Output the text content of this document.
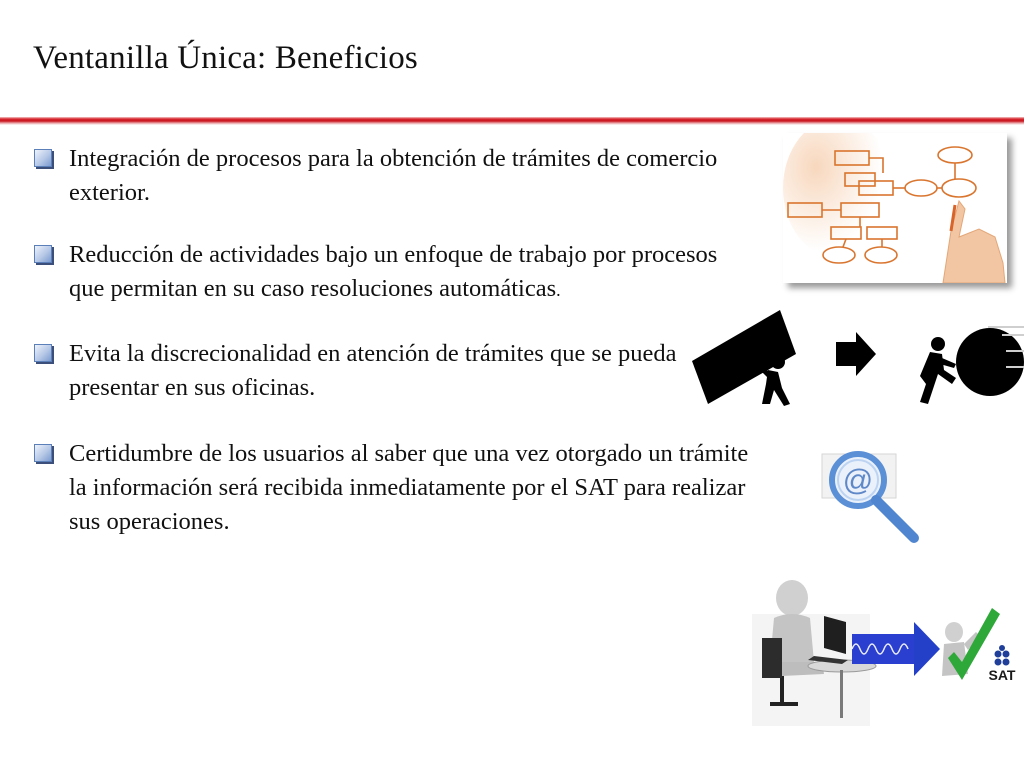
Ventanilla Única: Beneficios
Integración de procesos para la obtención de trámites de comercio exterior.
Reducción de actividades bajo un enfoque de trabajo por procesos que permitan en su caso resoluciones automáticas.
Evita la discrecionalidad en atención de trámites que se pueda presentar en sus oficinas.
Certidumbre de los usuarios al saber que una vez otorgado un trámite la información será recibida inmediatamente por el SAT para realizar sus operaciones.
@
SAT
